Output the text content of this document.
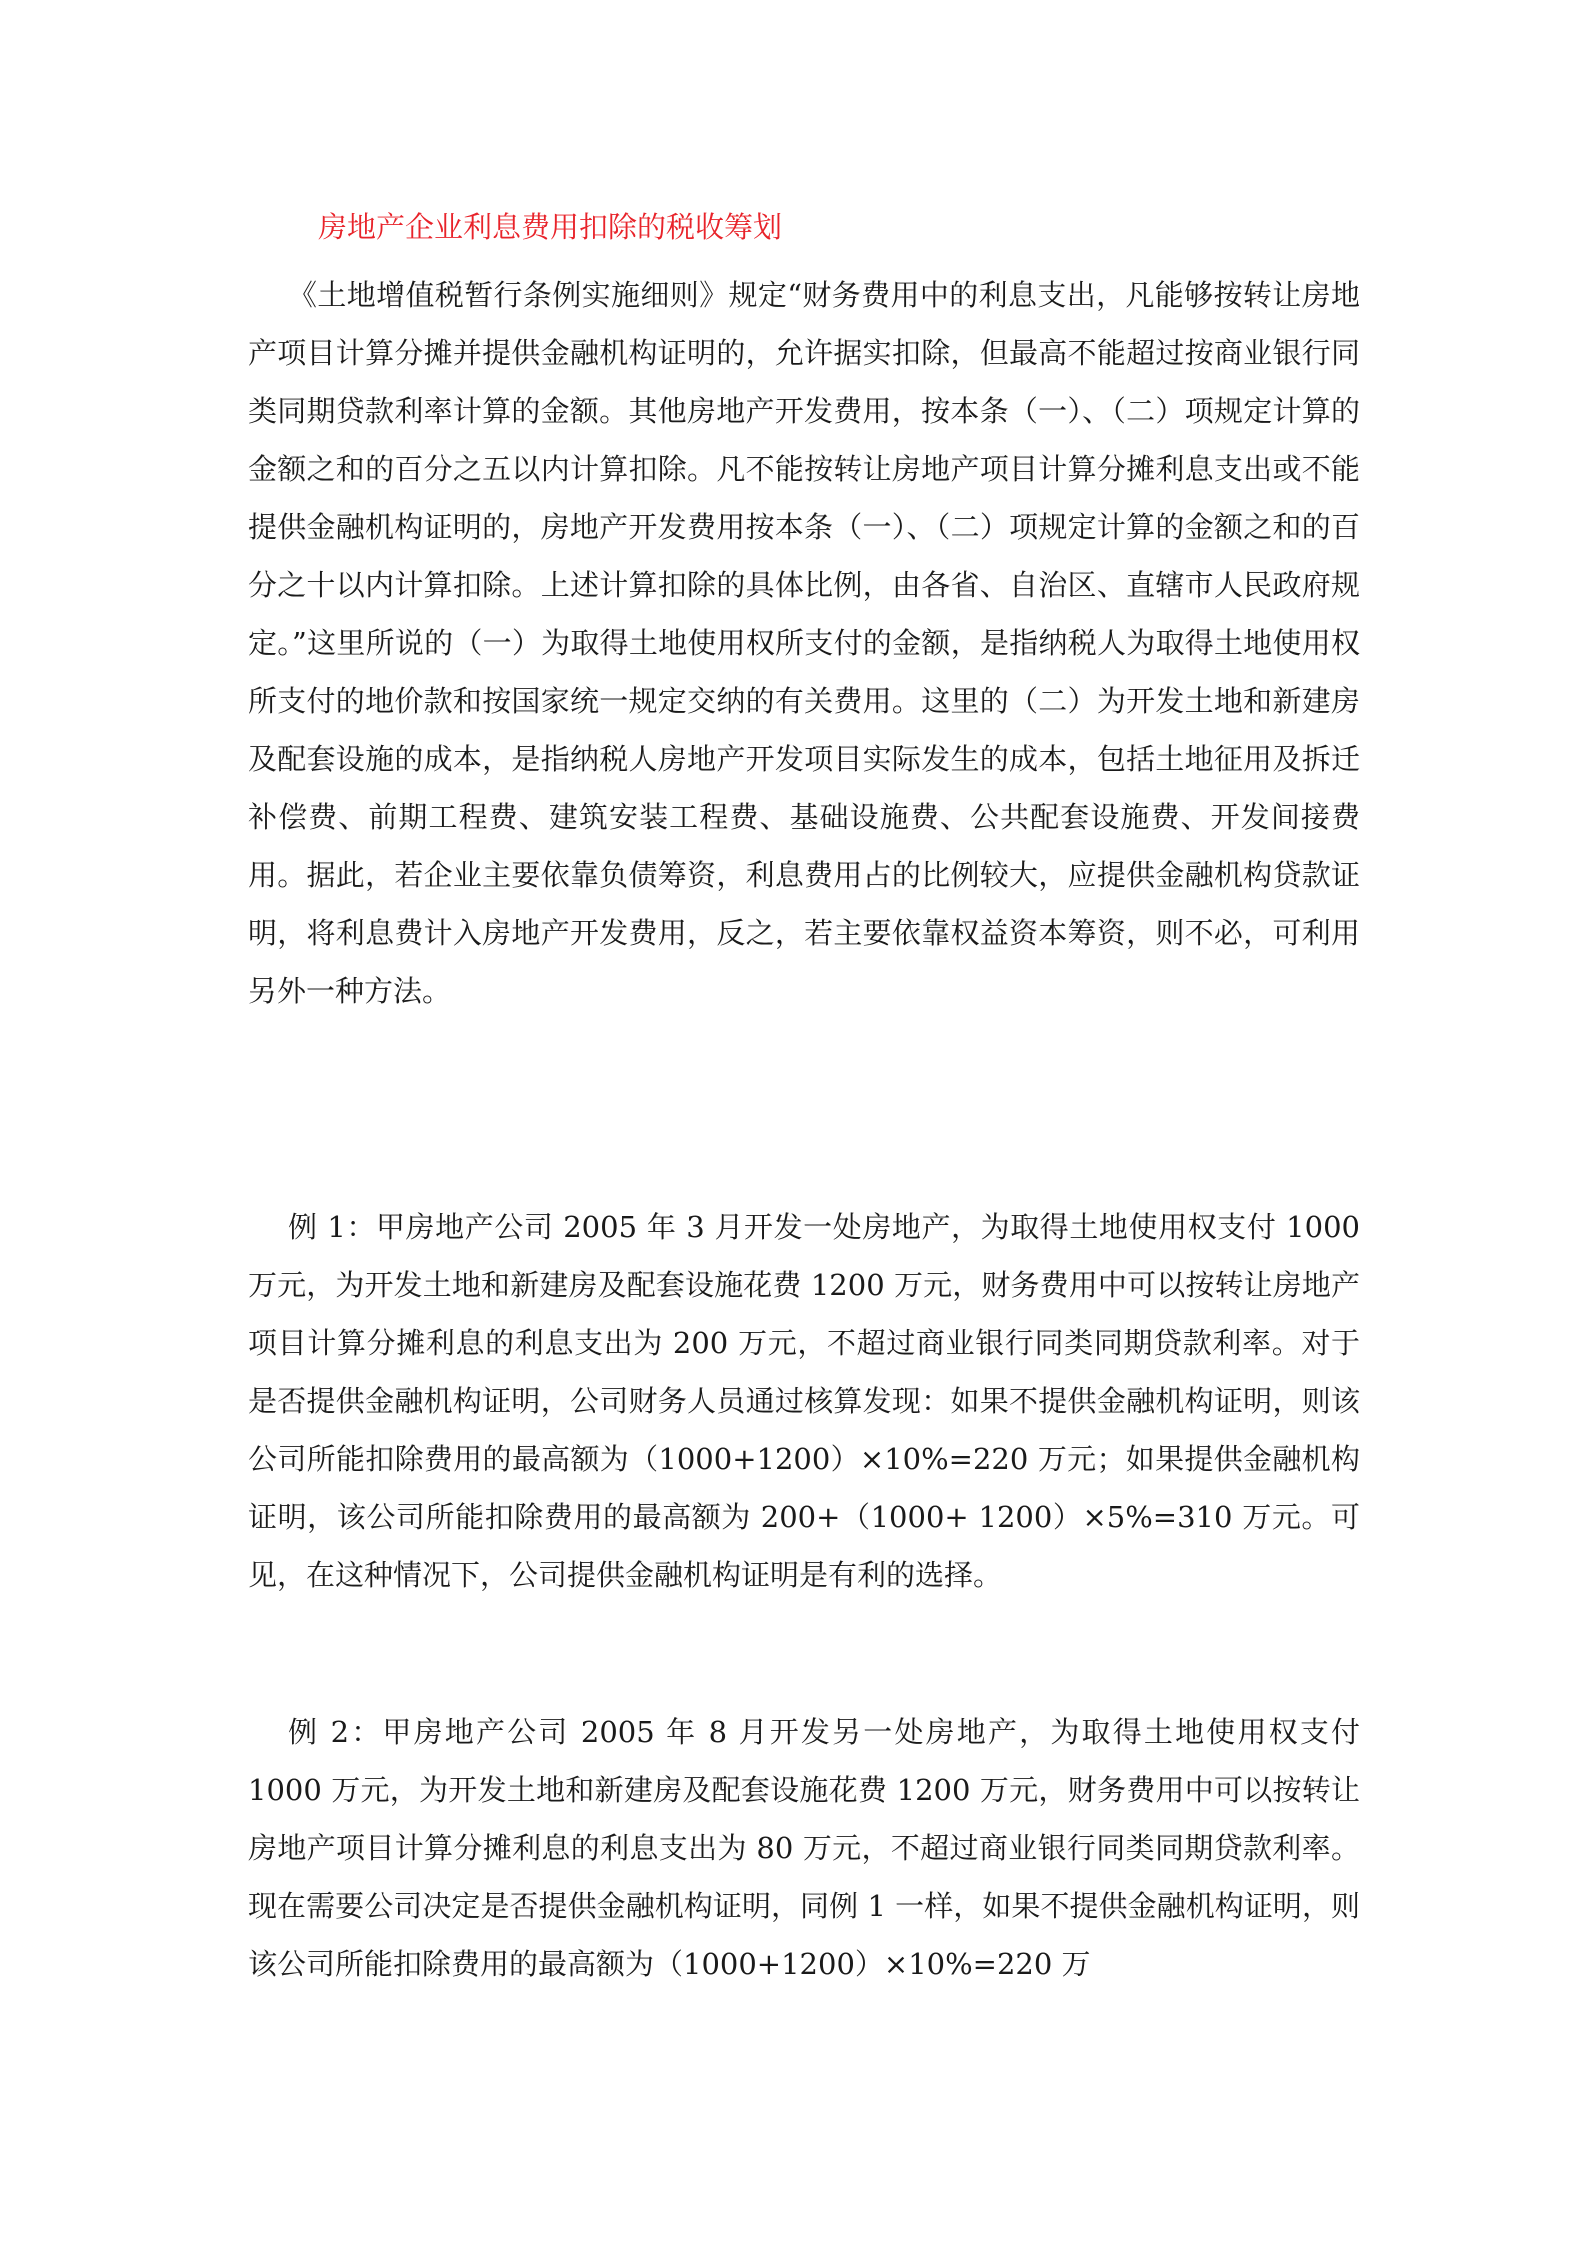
房地产企业利息费用扣除的税收筹划

《土地增值税暂行条例实施细则》规定“财务费用中的利息支出，凡能够按转让房地产项目计算分摊并提供金融机构证明的，允许据实扣除，但最高不能超过按商业银行同类同期贷款利率计算的金额。其他房地产开发费用，按本条（一）、（二）项规定计算的金额之和的百分之五以内计算扣除。凡不能按转让房地产项目计算分摊利息支出或不能提供金融机构证明的，房地产开发费用按本条（一）、（二）项规定计算的金额之和的百分之十以内计算扣除。上述计算扣除的具体比例，由各省、自治区、直辖市人民政府规定。”这里所说的（一）为取得土地使用权所支付的金额，是指纳税人为取得土地使用权所支付的地价款和按国家统一规定交纳的有关费用。这里的（二）为开发土地和新建房及配套设施的成本，是指纳税人房地产开发项目实际发生的成本，包括土地征用及拆迁补偿费、前期工程费、建筑安装工程费、基础设施费、公共配套设施费、开发间接费用。据此，若企业主要依靠负债筹资，利息费用占的比例较大，应提供金融机构贷款证明，将利息费计入房地产开发费用，反之，若主要依靠权益资本筹资，则不必，可利用另外一种方法。

例 1：甲房地产公司 2005 年 3 月开发一处房地产，为取得土地使用权支付 1000 万元，为开发土地和新建房及配套设施花费 1200 万元，财务费用中可以按转让房地产项目计算分摊利息的利息支出为 200 万元，不超过商业银行同类同期贷款利率。对于是否提供金融机构证明，公司财务人员通过核算发现：如果不提供金融机构证明，则该公司所能扣除费用的最高额为（1000+1200）×10%=220 万元；如果提供金融机构证明，该公司所能扣除费用的最高额为 200+（1000+ 1200）×5%=310 万元。可见，在这种情况下，公司提供金融机构证明是有利的选择。

例 2：甲房地产公司 2005 年 8 月开发另一处房地产，为取得土地使用权支付 1000 万元，为开发土地和新建房及配套设施花费 1200 万元，财务费用中可以按转让房地产项目计算分摊利息的利息支出为 80 万元，不超过商业银行同类同期贷款利率。现在需要公司决定是否提供金融机构证明，同例 1 一样，如果不提供金融机构证明，则该公司所能扣除费用的最高额为（1000+1200）×10%=220 万
